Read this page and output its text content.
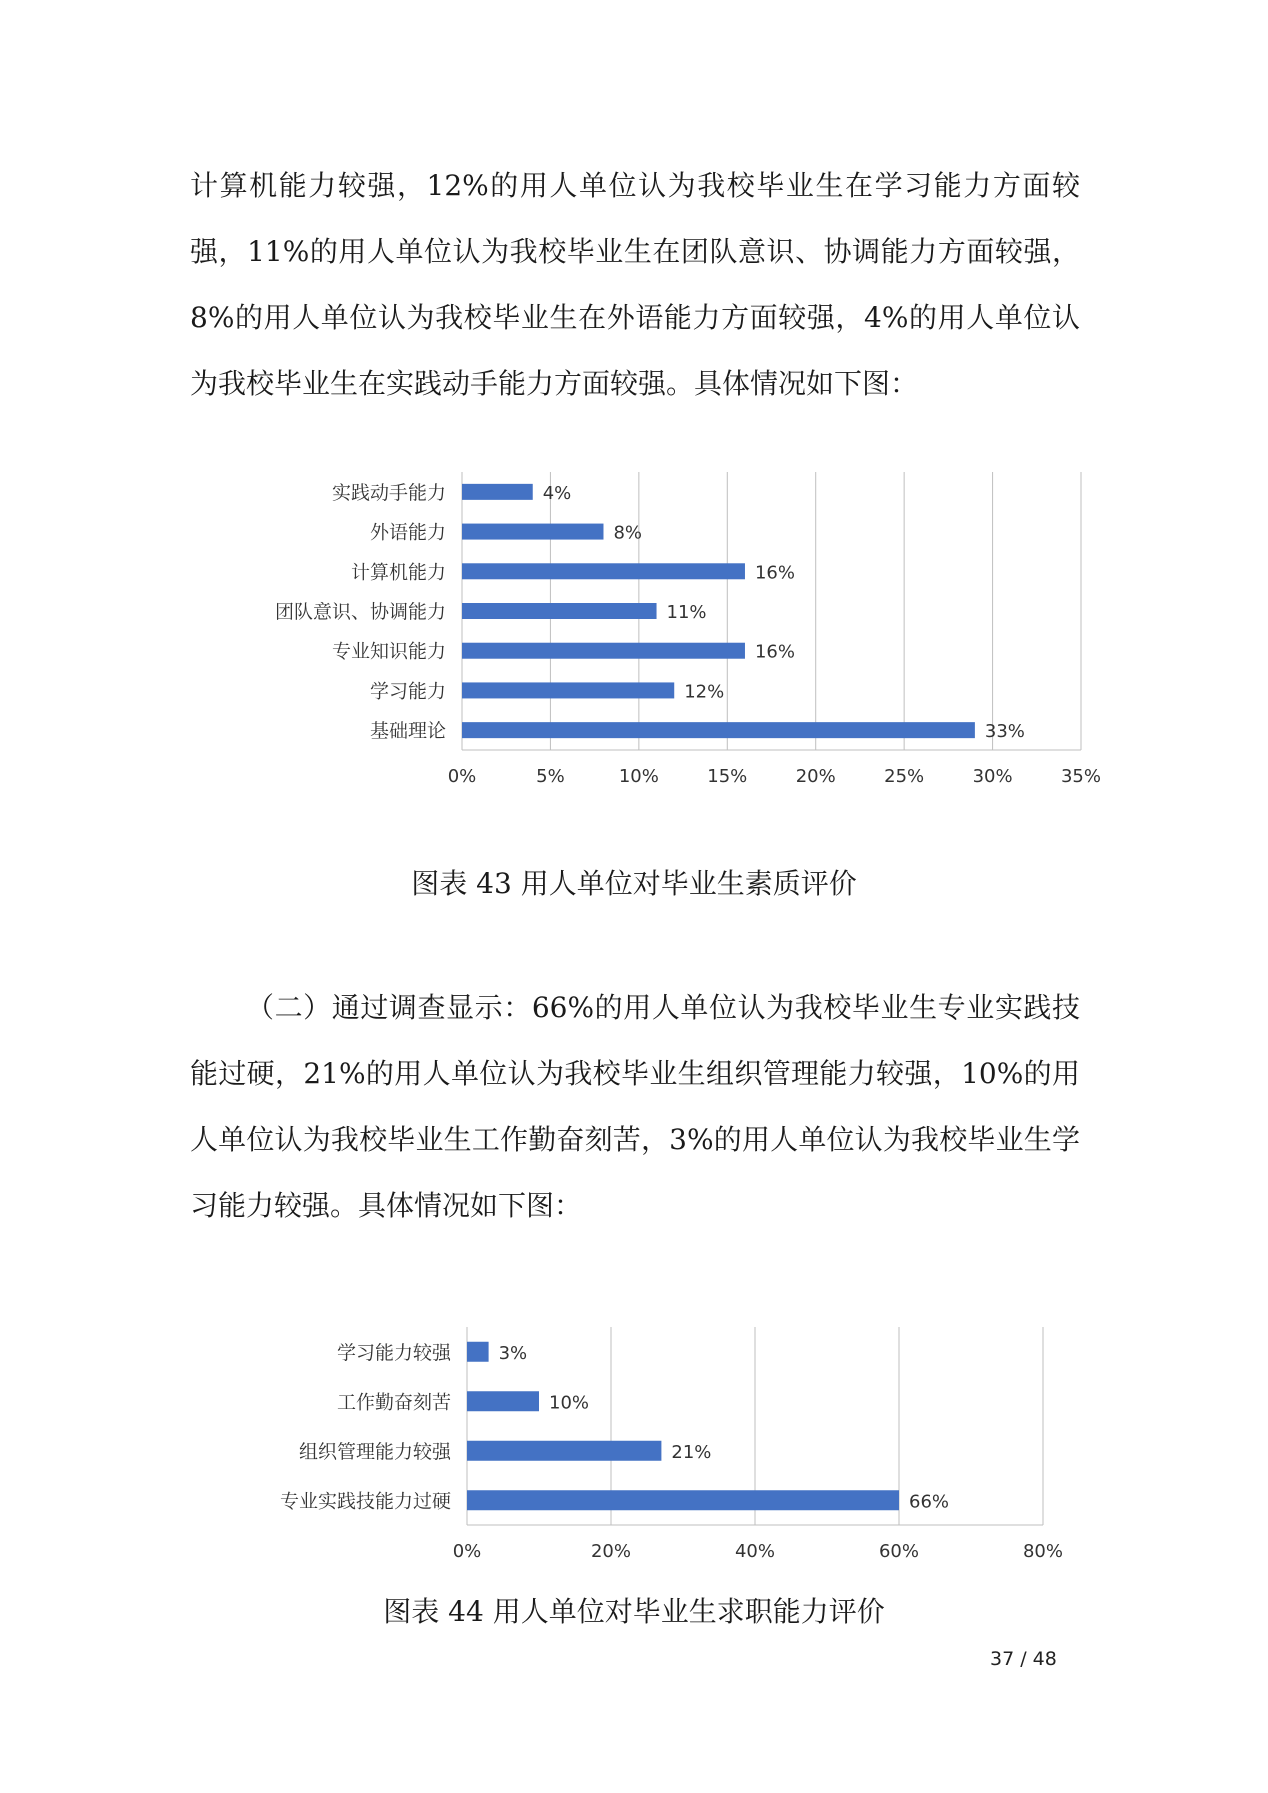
计算机能力较强，12%的用人单位认为我校毕业生在学习能力方面较强，11%的用人单位认为我校毕业生在团队意识、协调能力方面较强，8%的用人单位认为我校毕业生在外语能力方面较强，4%的用人单位认为我校毕业生在实践动手能力方面较强。具体情况如下图：

实践动手能力	4%
外语能力	8%
计算机能力	16%
团队意识、协调能力	11%
专业知识能力	16%
学习能力	12%
基础理论	33%
0%	5%	10%	15%	20%	25%	30%	35%

图表 43 用人单位对毕业生素质评价

（二）通过调查显示：66%的用人单位认为我校毕业生专业实践技能过硬，21%的用人单位认为我校毕业生组织管理能力较强，10%的用人单位认为我校毕业生工作勤奋刻苦，3%的用人单位认为我校毕业生学习能力较强。具体情况如下图：

学习能力较强	3%
工作勤奋刻苦	10%
组织管理能力较强	21%
专业实践技能力过硬	66%
0%	20%	40%	60%	80%

图表 44 用人单位对毕业生求职能力评价

37 / 48
